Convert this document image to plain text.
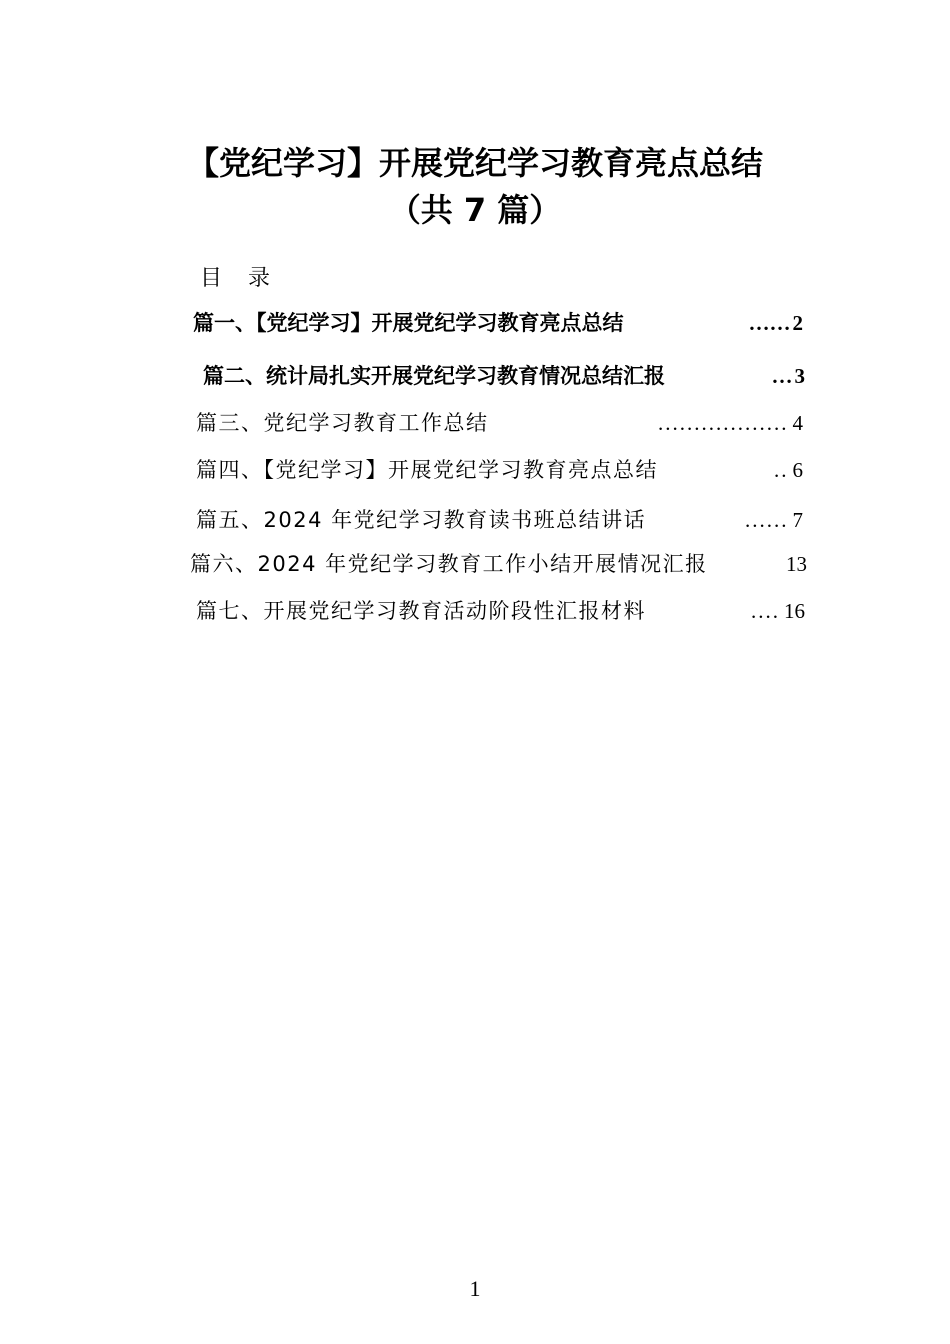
【党纪学习】开展党纪学习教育亮点总结
（共 7 篇）
目录
篇一、【党纪学习】开展党纪学习教育亮点总结	…… 2
篇二、统计局扎实开展党纪学习教育情况总结汇报	… 3
篇三、党纪学习教育工作总结	.................. 4
篇四、【党纪学习】开展党纪学习教育亮点总结	.. 6
篇五、2024 年党纪学习教育读书班总结讲话	...... 7
篇六、2024 年党纪学习教育工作小结开展情况汇报	13
篇七、开展党纪学习教育活动阶段性汇报材料	.... 16
1
